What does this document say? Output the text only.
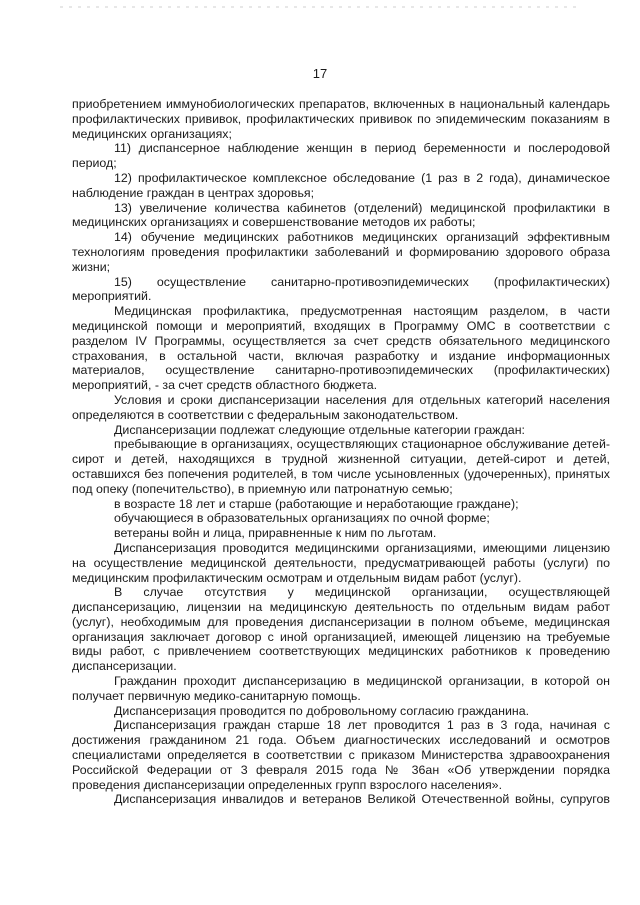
17

приобретением иммунобиологических препаратов, включенных в национальный календарь профилактических прививок, профилактических прививок по эпидемическим показаниям в медицинских организациях;

11) диспансерное наблюдение женщин в период беременности и послеродовой период;

12) профилактическое комплексное обследование (1 раз в 2 года), динамическое наблюдение граждан в центрах здоровья;

13) увеличение количества кабинетов (отделений) медицинской профилактики в медицинских организациях и совершенствование методов их работы;

14) обучение медицинских работников медицинских организаций эффективным технологиям проведения профилактики заболеваний и формированию здорового образа жизни;

15) осуществление санитарно-противоэпидемических (профилактических) мероприятий.

Медицинская профилактика, предусмотренная настоящим разделом, в части медицинской помощи и мероприятий, входящих в Программу ОМС в соответствии с разделом IV Программы, осуществляется за счет средств обязательного медицинского страхования, в остальной части, включая разработку и издание информационных материалов, осуществление санитарно-противоэпидемических (профилактических) мероприятий, - за счет средств областного бюджета.

Условия и сроки диспансеризации населения для отдельных категорий населения определяются в соответствии с федеральным законодательством.

Диспансеризации подлежат следующие отдельные категории граждан:

пребывающие в организациях, осуществляющих стационарное обслуживание детей-сирот и детей, находящихся в трудной жизненной ситуации, детей-сирот и детей, оставшихся без попечения родителей, в том числе усыновленных (удочеренных), принятых под опеку (попечительство), в приемную или патронатную семью;

в возрасте 18 лет и старше (работающие и неработающие граждане);

обучающиеся в образовательных организациях по очной форме;

ветераны войн и лица, приравненные к ним по льготам.

Диспансеризация проводится медицинскими организациями, имеющими лицензию на осуществление медицинской деятельности, предусматривающей работы (услуги) по медицинским профилактическим осмотрам и отдельным видам работ (услуг).

В случае отсутствия у медицинской организации, осуществляющей диспансеризацию, лицензии на медицинскую деятельность по отдельным видам работ (услуг), необходимым для проведения диспансеризации в полном объеме, медицинская организация заключает договор с иной организацией, имеющей лицензию на требуемые виды работ, с привлечением соответствующих медицинских работников к проведению диспансеризации.

Гражданин проходит диспансеризацию в медицинской организации, в которой он получает первичную медико-санитарную помощь.

Диспансеризация проводится по добровольному согласию гражданина.

Диспансеризация граждан старше 18 лет проводится 1 раз в 3 года, начиная с достижения гражданином 21 года. Объем диагностических исследований и осмотров специалистами определяется в соответствии с приказом Министерства здравоохранения Российской Федерации от 3 февраля 2015 года № 36ан «Об утверждении порядка проведения диспансеризации определенных групп взрослого населения».

Диспансеризация инвалидов и ветеранов Великой Отечественной войны, супругов
